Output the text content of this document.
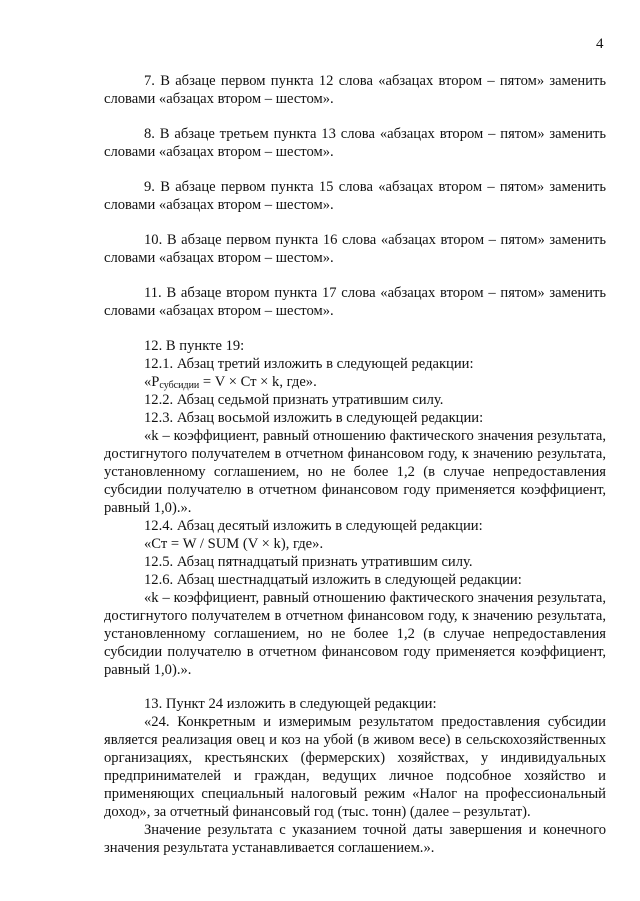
4

7. В абзаце первом пункта 12 слова «абзацах втором – пятом» заменить словами «абзацах втором – шестом».

8. В абзаце третьем пункта 13 слова «абзацах втором – пятом» заменить словами «абзацах втором – шестом».

9. В абзаце первом пункта 15 слова «абзацах втором – пятом» заменить словами «абзацах втором – шестом».

10. В абзаце первом пункта 16 слова «абзацах втором – пятом» заменить словами «абзацах втором – шестом».

11. В абзаце втором пункта 17 слова «абзацах втором – пятом» заменить словами «абзацах втором – шестом».

12. В пункте 19:

12.1. Абзац третий изложить в следующей редакции:

«$P_{субсидии} = V$ × Ст × k, где».

12.2. Абзац седьмой признать утратившим силу.

12.3. Абзац восьмой изложить в следующей редакции:

«k – коэффициент, равный отношению фактического значения результата, достигнутого получателем в отчетном финансовом году, к значению результата, установленному соглашением, но не более 1,2 (в случае непредоставления субсидии получателю в отчетном финансовом году применяется коэффициент, равный 1,0).».

12.4. Абзац десятый изложить в следующей редакции:

«Ст = W / SUM (V × k), где».

12.5. Абзац пятнадцатый признать утратившим силу.

12.6. Абзац шестнадцатый изложить в следующей редакции:

«k – коэффициент, равный отношению фактического значения результата, достигнутого получателем в отчетном финансовом году, к значению результата, установленному соглашением, но не более 1,2 (в случае непредоставления субсидии получателю в отчетном финансовом году применяется коэффициент, равный 1,0).».

13. Пункт 24 изложить в следующей редакции:

«24. Конкретным и измеримым результатом предоставления субсидии является реализация овец и коз на убой (в живом весе) в сельскохозяйственных организациях, крестьянских (фермерских) хозяйствах, у индивидуальных предпринимателей и граждан, ведущих личное подсобное хозяйство и применяющих специальный налоговый режим «Налог на профессиональный доход», за отчетный финансовый год (тыс. тонн) (далее – результат).

Значение результата с указанием точной даты завершения и конечного значения результата устанавливается соглашением.».
